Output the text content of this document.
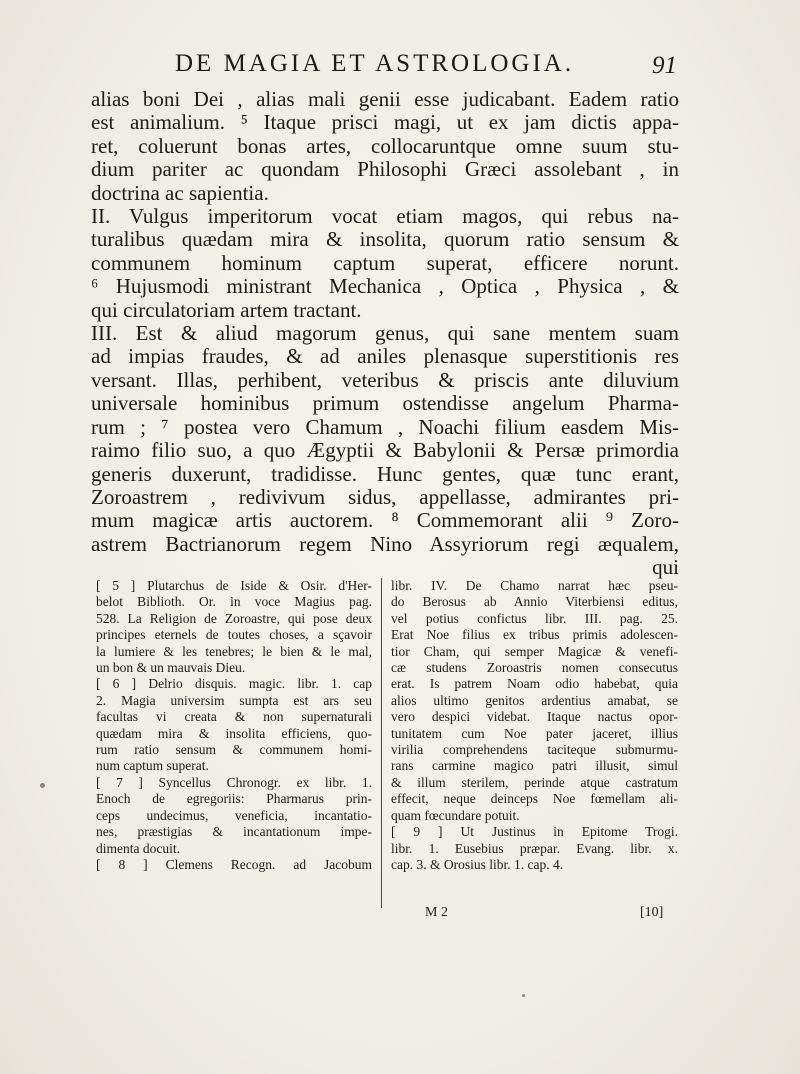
DE MAGIA ET ASTROLOGIA.	91
alias boni Dei , alias mali genii esse judicabant. Eadem ratio
est animalium. ⁵ Itaque prisci magi, ut ex jam dictis appa-
ret, coluerunt bonas artes, collocaruntque omne suum stu-
dium pariter ac quondam Philosophi Græci assolebant , in
doctrina ac sapientia.
II. Vulgus imperitorum vocat etiam magos, qui rebus na-
turalibus quædam mira & insolita, quorum ratio sensum &
communem hominum captum superat, efficere norunt.
⁶ Hujusmodi ministrant Mechanica , Optica , Physica , &
qui circulatoriam artem tractant.
III. Est & aliud magorum genus, qui sane mentem suam
ad impias fraudes, & ad aniles plenasque superstitionis res
versant. Illas, perhibent, veteribus & priscis ante diluvium
universale hominibus primum ostendisse angelum Pharma-
rum ; ⁷ postea vero Chamum , Noachi filium easdem Mis-
raimo filio suo, a quo Ægyptii & Babylonii & Persæ primordia
generis duxerunt, tradidisse. Hunc gentes, quæ tunc erant,
Zoroastrem , redivivum sidus, appellasse, admirantes pri-
mum magicæ artis auctorem. ⁸ Commemorant alii ⁹ Zoro-
astrem Bactrianorum regem Nino Assyriorum regi æqualem,
qui
[ 5 ] Plutarchus de Iside & Osir. d'Her-
belot Biblioth. Or. in voce Magius pag.
528. La Religion de Zoroastre, qui pose deux
principes eternels de toutes choses, a sçavoir
la lumiere & les tenebres; le bien & le mal,
un bon & un mauvais Dieu.
[ 6 ] Delrio disquis. magic. libr. 1. cap
2. Magia universim sumpta est ars seu
facultas vi creata & non supernaturali
quædam mira & insolita efficiens, quo-
rum ratio sensum & communem homi-
num captum superat.
[ 7 ] Syncellus Chronogr. ex libr. 1.
Enoch de egregoriis: Pharmarus prin-
ceps undecimus, veneficia, incantatio-
nes, præstigias & incantationum impe-
dimenta docuit.
[ 8 ] Clemens Recogn. ad Jacobum
libr. IV. De Chamo narrat hæc pseu-
do Berosus ab Annio Viterbiensi editus,
vel potius confictus libr. III. pag. 25.
Erat Noe filius ex tribus primis adolescen-
tior Cham, qui semper Magicæ & venefi-
cæ studens Zoroastris nomen consecutus
erat. Is patrem Noam odio habebat, quia
alios ultimo genitos ardentius amabat, se
vero despici videbat. Itaque nactus opor-
tunitatem cum Noe pater jaceret, illius
virilia comprehendens taciteque submurmu-
rans carmine magico patri illusit, simul
& illum sterilem, perinde atque castratum
effecit, neque deinceps Noe fœmellam ali-
quam fœcundare potuit.
[ 9 ] Ut Justinus in Epitome Trogi.
libr. 1. Eusebius præpar. Evang. libr. x.
cap. 3. & Orosius libr. 1. cap. 4.
M 2	[10]
